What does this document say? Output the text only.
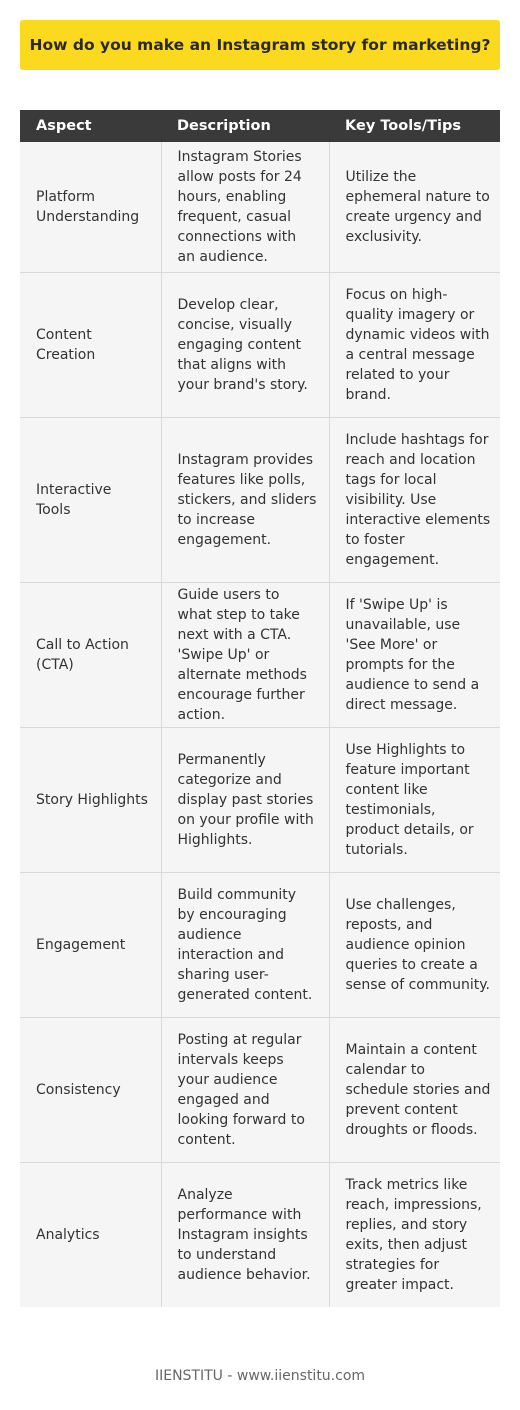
How do you make an Instagram story for marketing?
Aspect	Description	Key Tools/Tips
Platform Understanding	Instagram Stories allow posts for 24 hours, enabling frequent, casual connections with an audience.	Utilize the ephemeral nature to create urgency and exclusivity.
Content Creation	Develop clear, concise, visually engaging content that aligns with your brand's story.	Focus on high-quality imagery or dynamic videos with a central message related to your brand.
Interactive Tools	Instagram provides features like polls, stickers, and sliders to increase engagement.	Include hashtags for reach and location tags for local visibility. Use interactive elements to foster engagement.
Call to Action (CTA)	Guide users to what step to take next with a CTA. 'Swipe Up' or alternate methods encourage further action.	If 'Swipe Up' is unavailable, use 'See More' or prompts for the audience to send a direct message.
Story Highlights	Permanently categorize and display past stories on your profile with Highlights.	Use Highlights to feature important content like testimonials, product details, or tutorials.
Engagement	Build community by encouraging audience interaction and sharing user-generated content.	Use challenges, reposts, and audience opinion queries to create a sense of community.
Consistency	Posting at regular intervals keeps your audience engaged and looking forward to content.	Maintain a content calendar to schedule stories and prevent content droughts or floods.
Analytics	Analyze performance with Instagram insights to understand audience behavior.	Track metrics like reach, impressions, replies, and story exits, then adjust strategies for greater impact.
IIENSTITU - www.iienstitu.com
